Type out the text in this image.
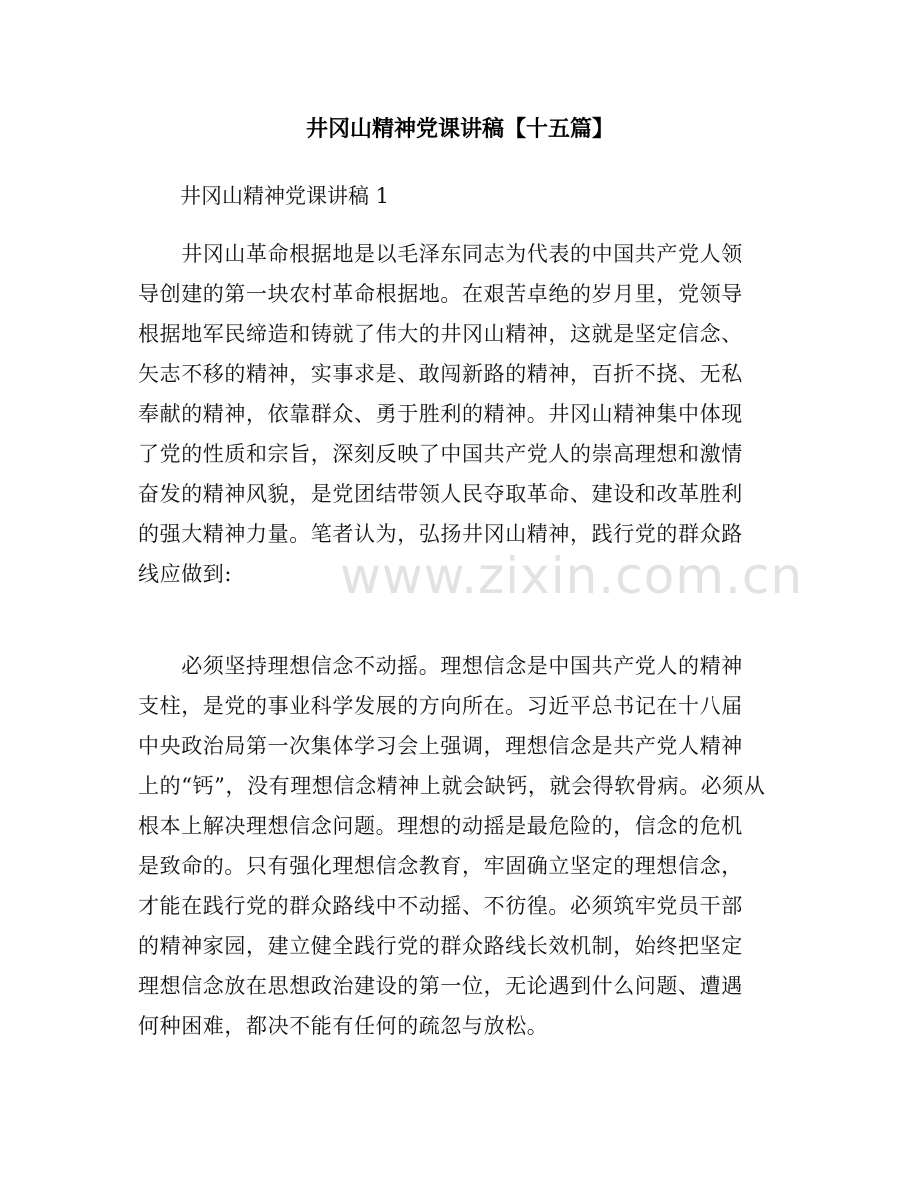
井冈山精神党课讲稿【十五篇】
井冈山精神党课讲稿 1
　　井冈山革命根据地是以毛泽东同志为代表的中国共产党人领
导创建的第一块农村革命根据地。在艰苦卓绝的岁月里，党领导
根据地军民缔造和铸就了伟大的井冈山精神，这就是坚定信念、
矢志不移的精神，实事求是、敢闯新路的精神，百折不挠、无私
奉献的精神，依靠群众、勇于胜利的精神。井冈山精神集中体现
了党的性质和宗旨，深刻反映了中国共产党人的崇高理想和激情
奋发的精神风貌，是党团结带领人民夺取革命、建设和改革胜利
的强大精神力量。笔者认为，弘扬井冈山精神，践行党的群众路
线应做到:
　　必须坚持理想信念不动摇。理想信念是中国共产党人的精神
支柱，是党的事业科学发展的方向所在。习近平总书记在十八届
中央政治局第一次集体学习会上强调，理想信念是共产党人精神
上的“钙”，没有理想信念精神上就会缺钙，就会得软骨病。必须从
根本上解决理想信念问题。理想的动摇是最危险的，信念的危机
是致命的。只有强化理想信念教育，牢固确立坚定的理想信念，
才能在践行党的群众路线中不动摇、不彷徨。必须筑牢党员干部
的精神家园，建立健全践行党的群众路线长效机制，始终把坚定
理想信念放在思想政治建设的第一位，无论遇到什么问题、遭遇
何种困难，都决不能有任何的疏忽与放松。
www.zixin.com.cn
